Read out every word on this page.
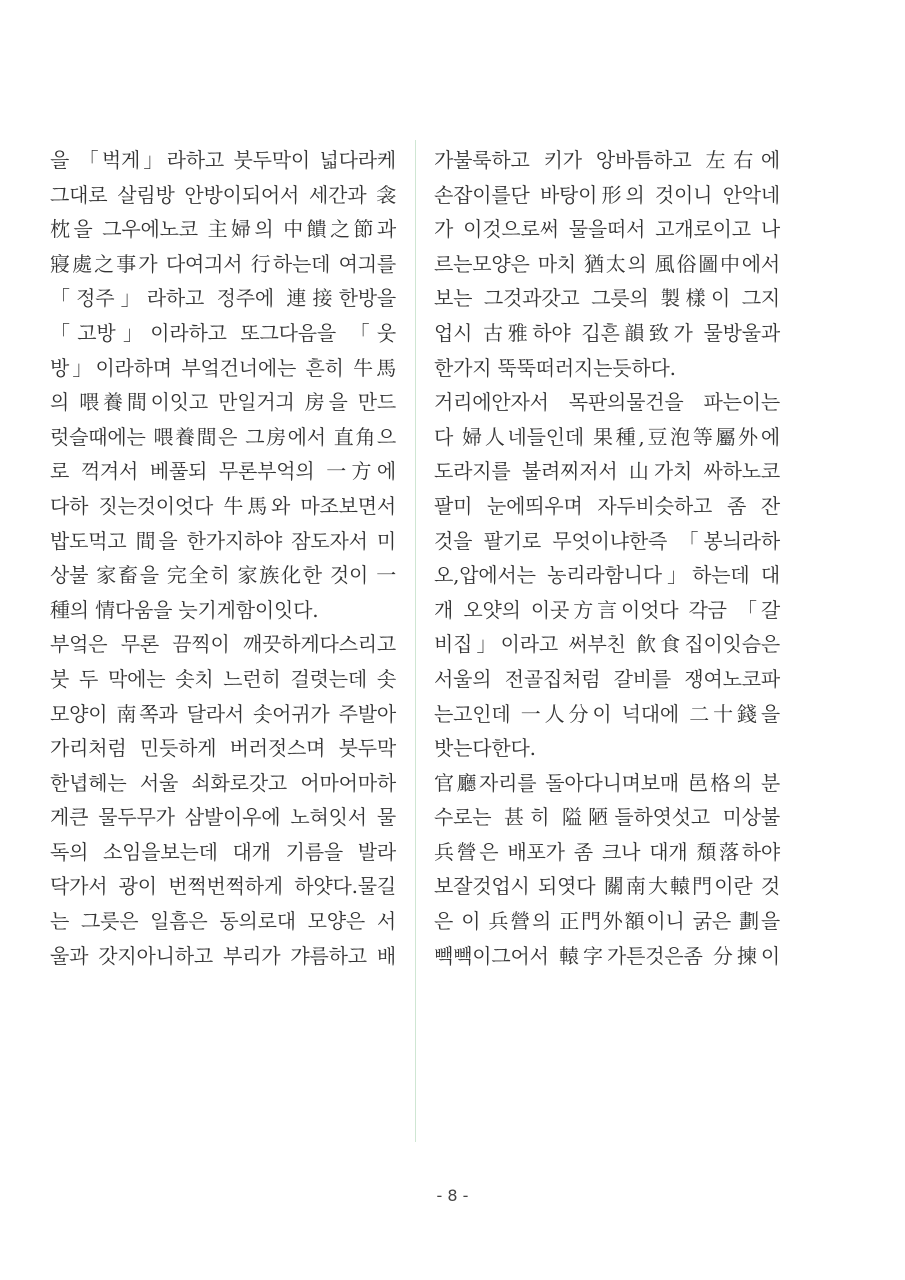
을 「벅게」라하고 붓두막이 넓다라케
그대로 살림방 안방이되어서 세간과 衾
枕을 그우에노코 主婦의 中饋之節과
寢處之事가 다여긔서 行하는데 여긔를
「정주」라하고 정주에 連接한방을
「고방」이라하고 또그다음을 「웃
방」이라하며 부엌건너에는 흔히 牛馬
의 喂養間이잇고 만일거긔 房을 만드
럿슬때에는 喂養間은 그房에서 直角으
로 꺽겨서 베풀되 무론부억의 一方에
다하 짓는것이엇다 牛馬와 마조보면서
밥도먹고 間을 한가지하야 잠도자서 미
상불 家畜을 完全히 家族化한 것이 一
種의 情다움을 늣기게함이잇다.
부엌은 무론 끔찍이 깨끗하게다스리고
붓 두 막에는 솟치 느런히 걸렷는데 솟
모양이 南쪽과 달라서 솟어귀가 주발아
가리처럼 민듯하게 버러젓스며 붓두막
한녑헤는 서울 쇠화로갓고 어마어마하
게큰 물두무가 삼발이우에 노혀잇서 물
독의 소임을보는데 대개 기름을 발라
닥가서 광이 번쩍번쩍하게 하얏다.물길
는 그릇은 일흠은 동의로대 모양은 서
울과 갓지아니하고 부리가 갸름하고 배
가불룩하고 키가 앙바틈하고 左右에
손잡이를단 바탕이形의 것이니 안악네
가 이것으로써 물을떠서 고개로이고 나
르는모양은 마치 猶太의 風俗圖中에서
보는 그것과갓고 그릇의 製樣이 그지
업시 古雅하야 깁흔韻致가 물방울과
한가지 뚝뚝떠러지는듯하다.
거리에안자서 목판의물건을 파는이는
다 婦人네들인데 果種,豆泡等屬外에
도라지를 불려찌저서 山가치 싸하노코
팔미 눈에띄우며 자두비슷하고 좀 잔
것을 팔기로 무엇이냐한즉 「봉늬라하
오,압에서는 농리라함니다」하는데 대
개 오얏의 이곳方言이엇다 각금 「갈
비집」이라고 써부친 飮食집이잇슴은
서울의 전골집처럼 갈비를 쟁여노코파
는고인데 一人分이 넉대에 二十錢을
밧는다한다.
官廳자리를 돌아다니며보매 邑格의 분
수로는 甚히 隘陋들하엿섯고 미상불
兵營은 배포가 좀 크나 대개 頹落하야
보잘것업시 되엿다 關南大轅門이란 것
은 이 兵營의 正門外額이니 굵은 劃을
빽빽이그어서 轅字가튼것은좀 分揀이
- 8 -
